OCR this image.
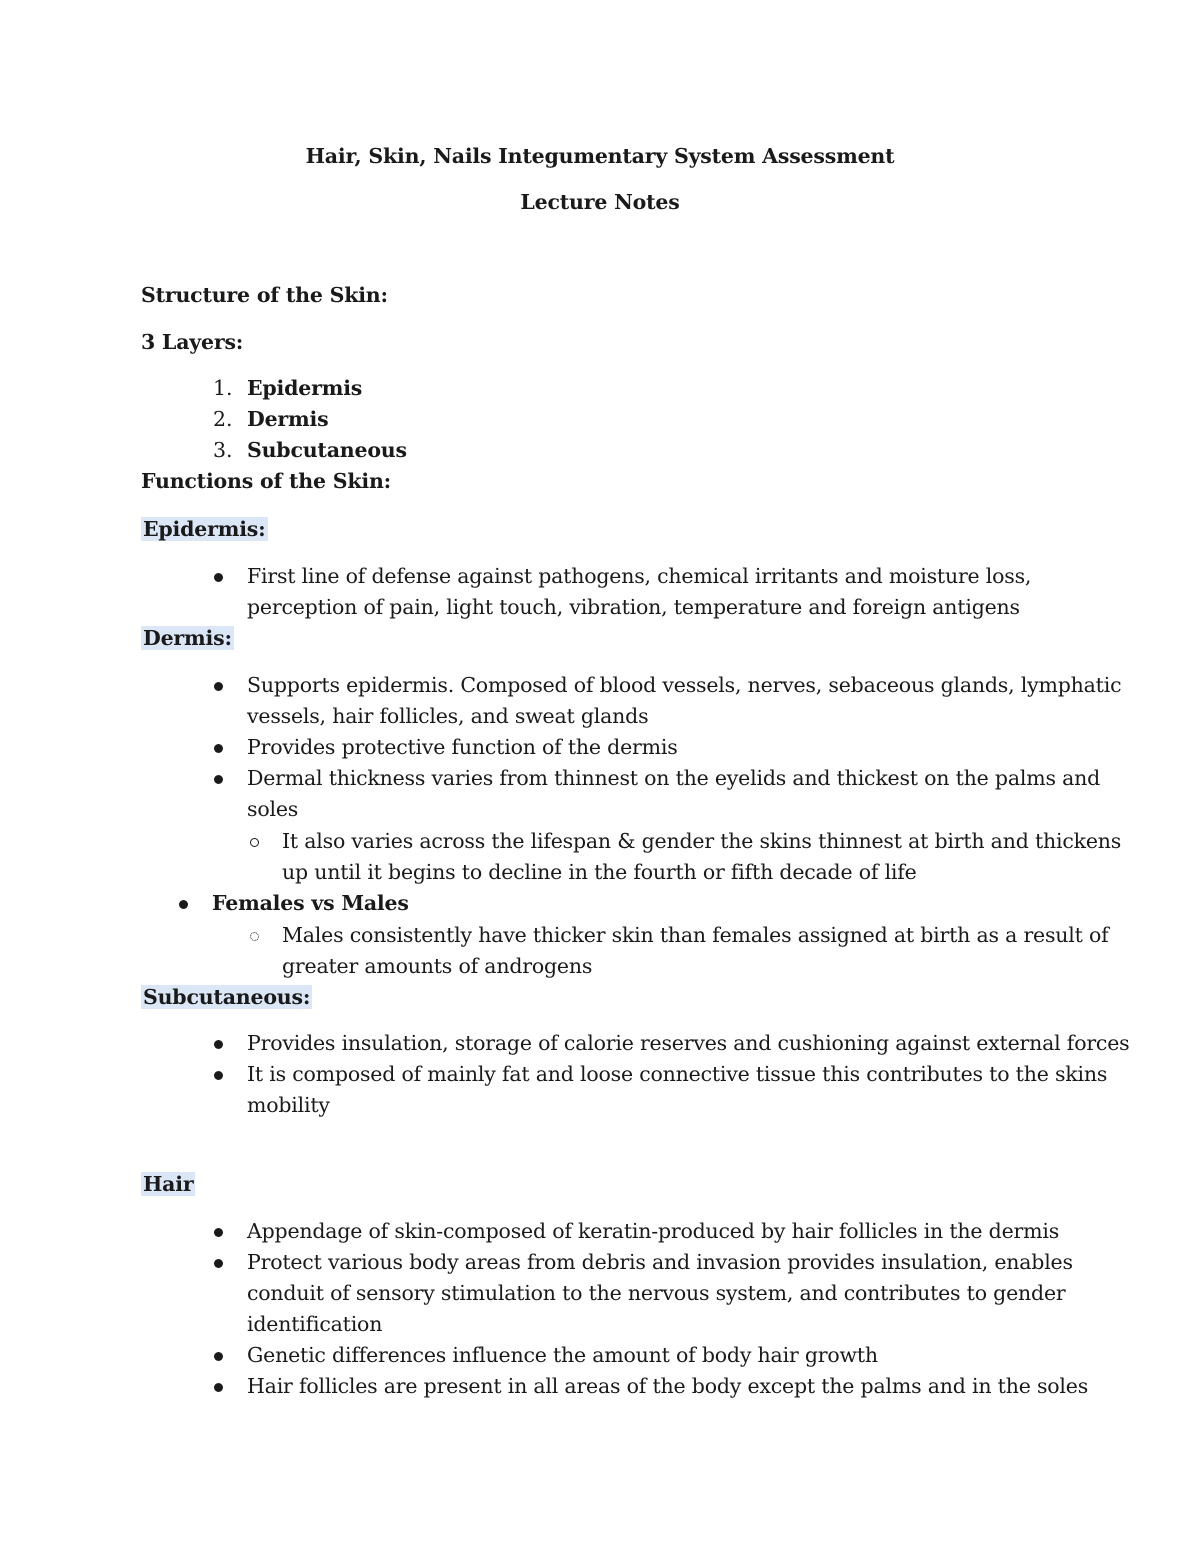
Hair, Skin, Nails Integumentary System Assessment
Lecture Notes
Structure of the Skin:
3 Layers:
1. Epidermis
2. Dermis
3. Subcutaneous
Functions of the Skin:
Epidermis:
First line of defense against pathogens, chemical irritants and moisture loss,
perception of pain, light touch, vibration, temperature and foreign antigens
Dermis:
Supports epidermis. Composed of blood vessels, nerves, sebaceous glands, lymphatic
vessels, hair follicles, and sweat glands
Provides protective function of the dermis
Dermal thickness varies from thinnest on the eyelids and thickest on the palms and
soles
It also varies across the lifespan & gender the skins thinnest at birth and thickens
up until it begins to decline in the fourth or fifth decade of life
Females vs Males
Males consistently have thicker skin than females assigned at birth as a result of
greater amounts of androgens
Subcutaneous:
Provides insulation, storage of calorie reserves and cushioning against external forces
It is composed of mainly fat and loose connective tissue this contributes to the skins
mobility
Hair
Appendage of skin-composed of keratin-produced by hair follicles in the dermis
Protect various body areas from debris and invasion provides insulation, enables
conduit of sensory stimulation to the nervous system, and contributes to gender
identification
Genetic differences influence the amount of body hair growth
Hair follicles are present in all areas of the body except the palms and in the soles
